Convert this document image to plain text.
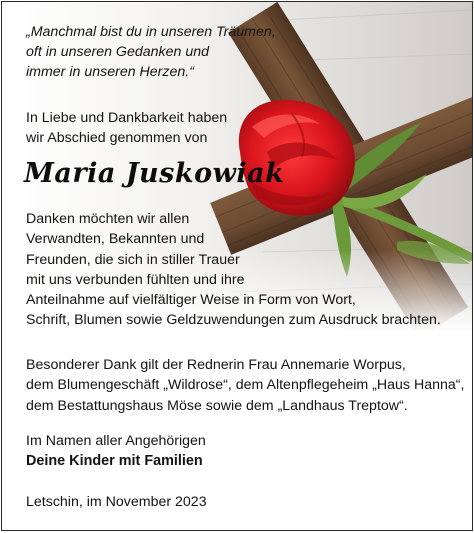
„Manchmal bist du in unseren Träumen,
oft in unseren Gedanken und
immer in unseren Herzen.“
In Liebe und Dankbarkeit haben
wir Abschied genommen von
Maria Juskowiak
Danken möchten wir allen
Verwandten, Bekannten und
Freunden, die sich in stiller Trauer
mit uns verbunden fühlten und ihre
Anteilnahme auf vielfältiger Weise in Form von Wort,
Schrift, Blumen sowie Geldzuwendungen zum Ausdruck brachten.
Besonderer Dank gilt der Rednerin Frau Annemarie Worpus,
dem Blumengeschäft „Wildrose“, dem Altenpflegeheim „Haus Hanna“,
dem Bestattungshaus Möse sowie dem „Landhaus Treptow“.
Im Namen aller Angehörigen
Deine Kinder mit Familien
Letschin, im November 2023
